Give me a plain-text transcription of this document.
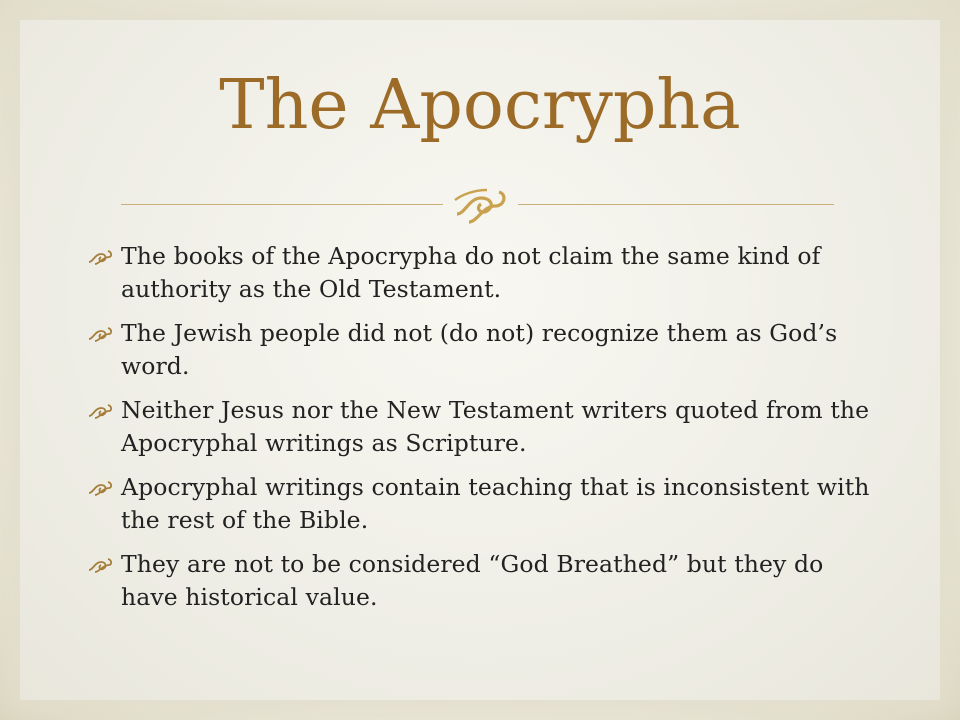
The Apocrypha
The books of the Apocrypha do not claim the same kind of authority as the Old Testament.
The Jewish people did not (do not) recognize them as God’s word.
Neither Jesus nor the New Testament writers quoted from the Apocryphal writings as Scripture.
Apocryphal writings contain teaching that is inconsistent with the rest of the Bible.
They are not to be considered “God Breathed” but they do have historical value.
